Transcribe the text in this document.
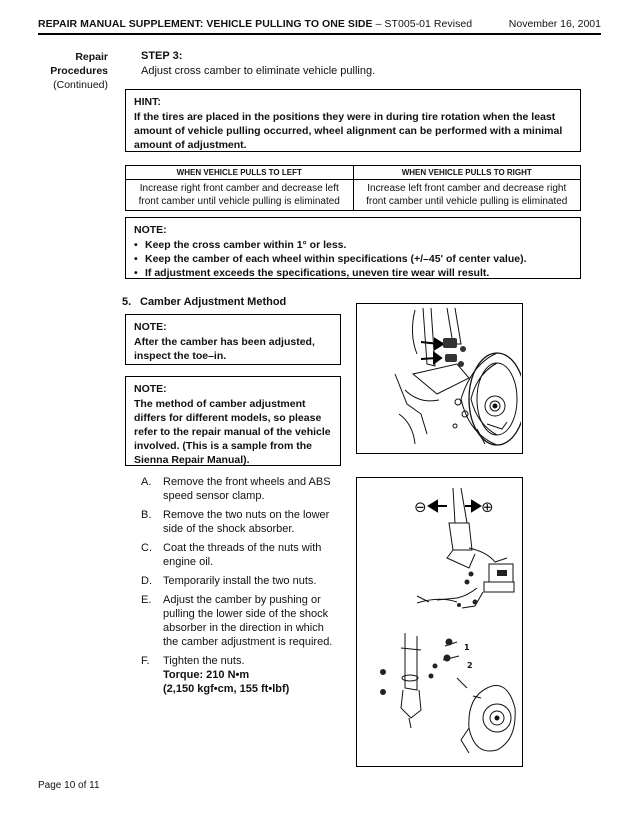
REPAIR MANUAL SUPPLEMENT: VEHICLE PULLING TO ONE SIDE – ST005-01 Revised	November 16, 2001
Repair
Procedures
(Continued)
STEP 3:
Adjust cross camber to eliminate vehicle pulling.
HINT:
If the tires are placed in the positions they were in during tire rotation when the least amount of vehicle pulling occurred, wheel alignment can be performed with a minimal amount of adjustment.
WHEN VEHICLE PULLS TO LEFT	WHEN VEHICLE PULLS TO RIGHT
Increase right front camber and decrease left front camber until vehicle pulling is eliminated	Increase left front camber and decrease right front camber until vehicle pulling is eliminated
NOTE:
• Keep the cross camber within 1° or less.
• Keep the camber of each wheel within specifications (+/–45' of center value).
• If adjustment exceeds the specifications, uneven tire wear will result.
5. Camber Adjustment Method
NOTE:
After the camber has been adjusted, inspect the toe–in.
NOTE:
The method of camber adjustment differs for different models, so please refer to the repair manual of the vehicle involved. (This is a sample from the Sienna Repair Manual).
⊖	⊕
1
2
A. Remove the front wheels and ABS speed sensor clamp.
B. Remove the two nuts on the lower side of the shock absorber.
C. Coat the threads of the nuts with engine oil.
D. Temporarily install the two nuts.
E. Adjust the camber by pushing or pulling the lower side of the shock absorber in the direction in which the camber adjustment is required.
F. Tighten the nuts.
Torque: 210 N•m
(2,150 kgf•cm, 155 ft•lbf)
Page 10 of 11
